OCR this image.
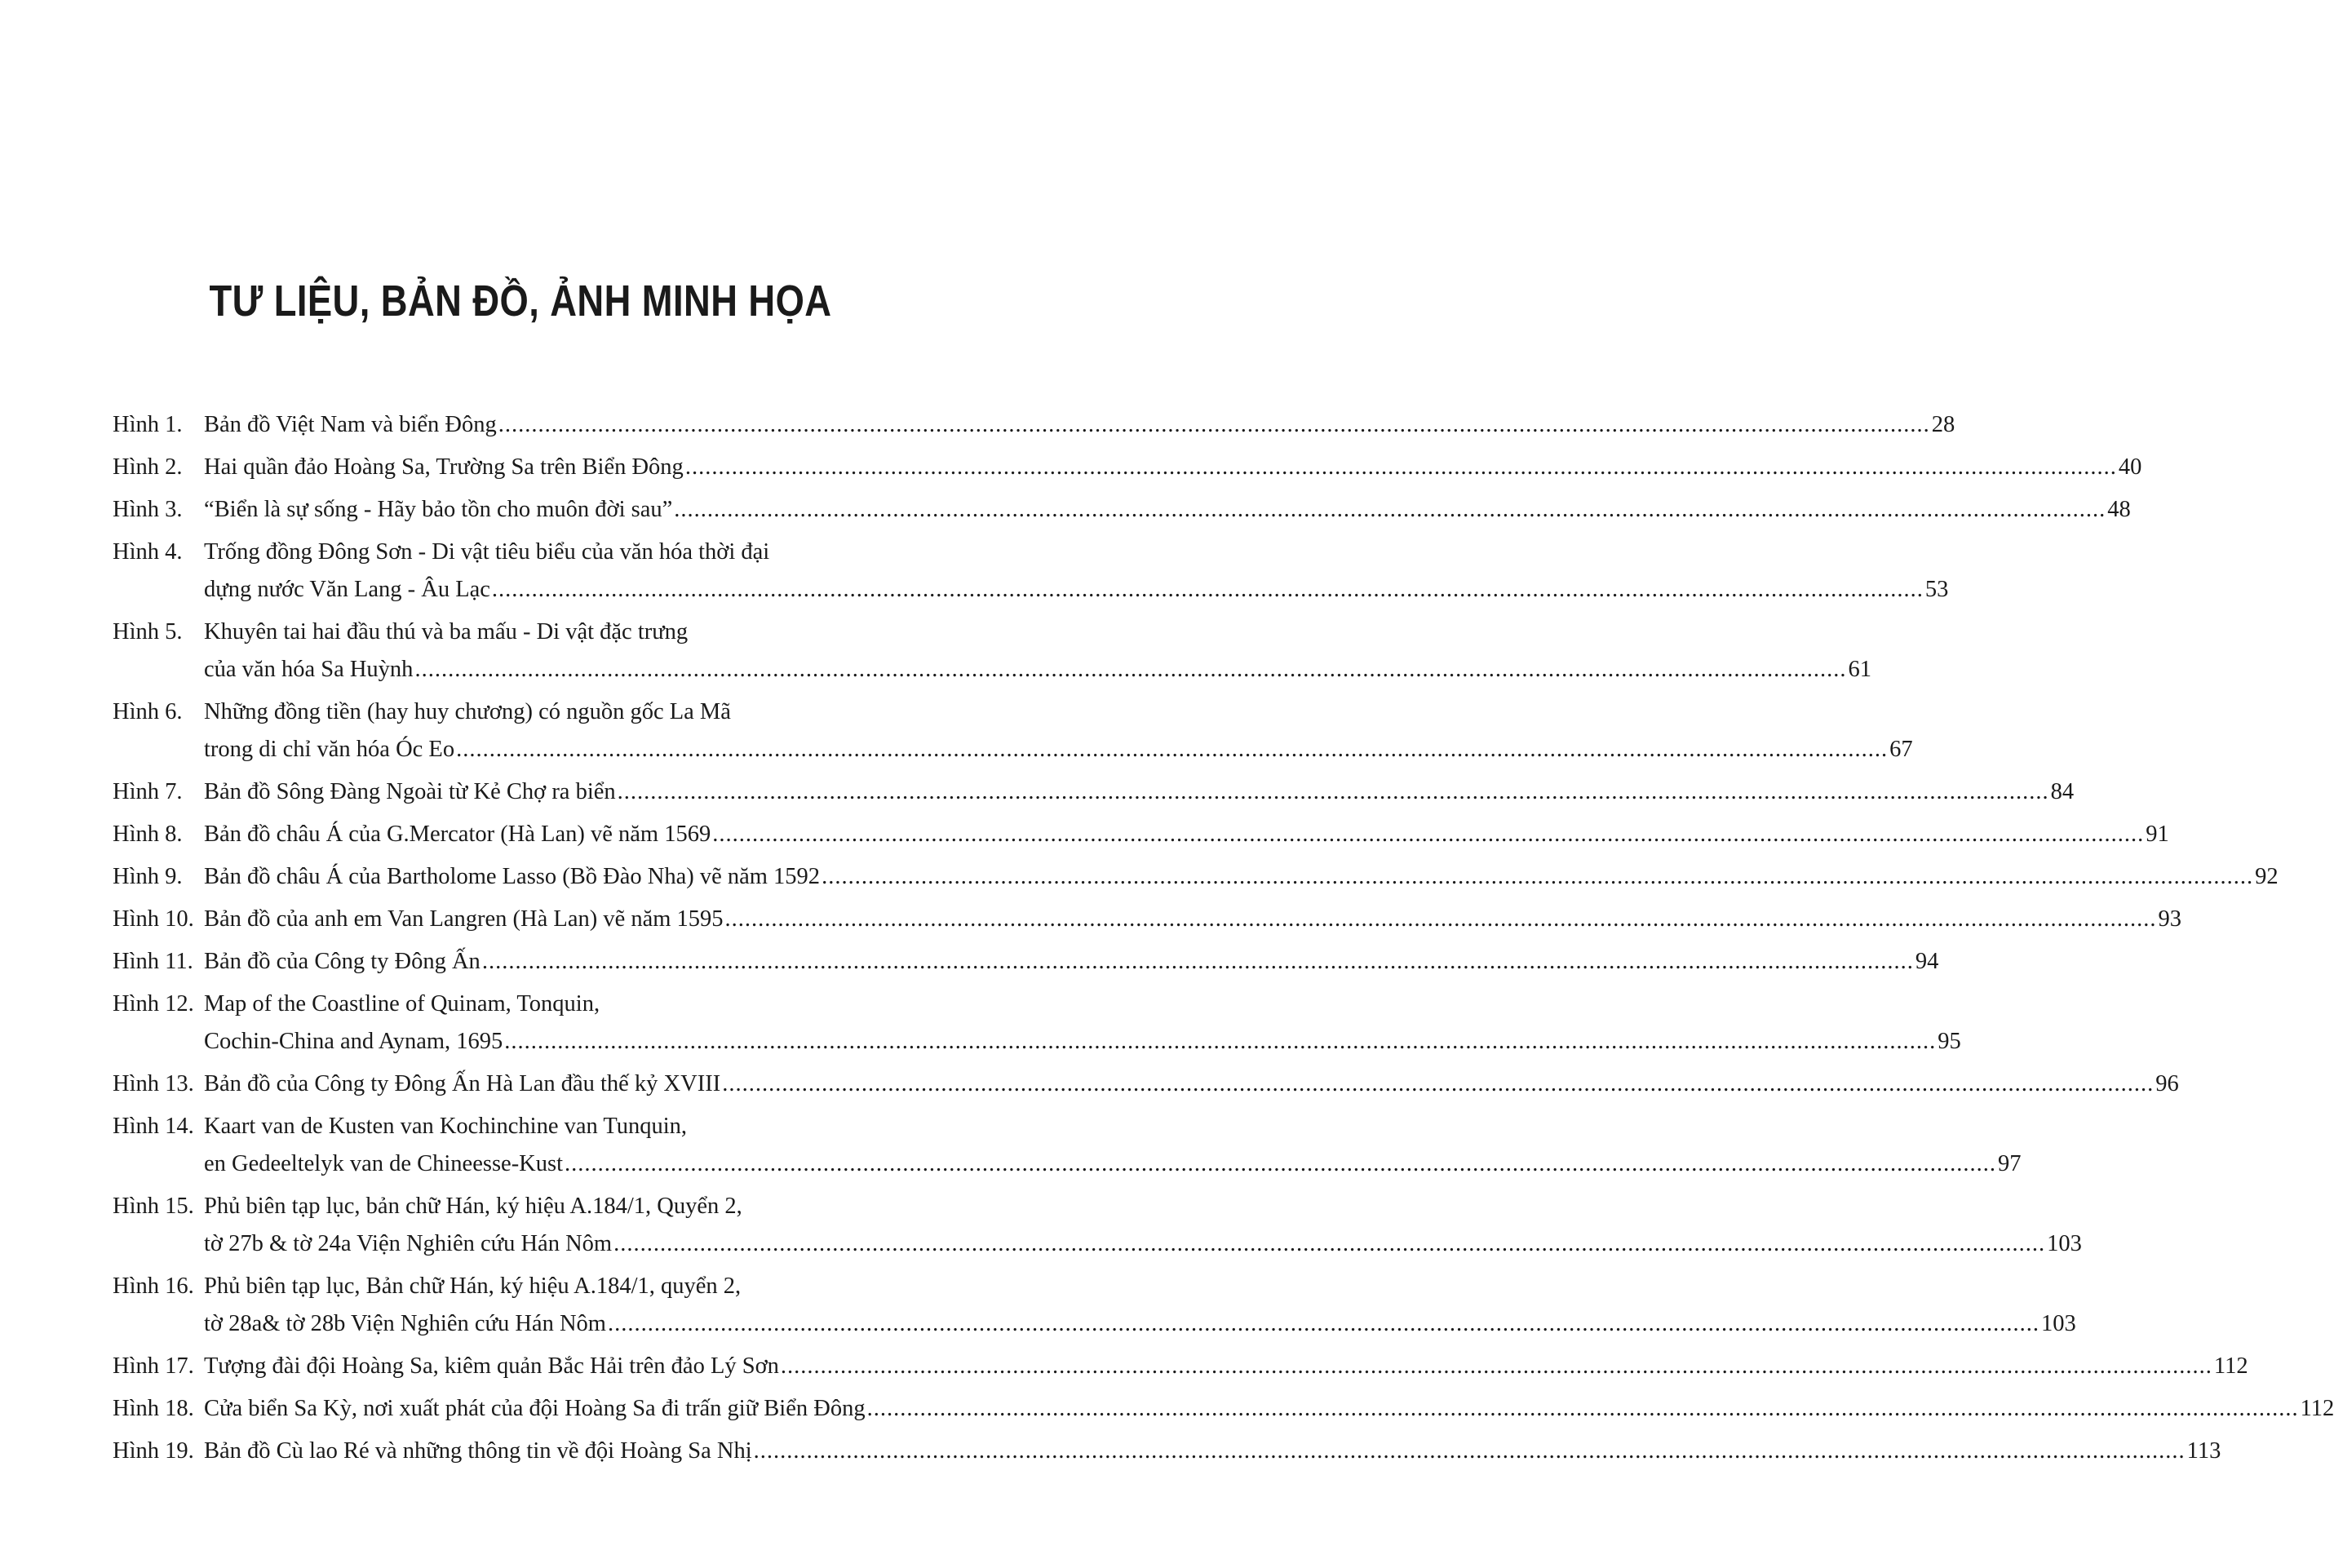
TƯ LIỆU, BẢN ĐỒ, ẢNH MINH HỌA
Hình 1. Bản đồ Việt Nam và biển Đông .....	28
Hình 2. Hai quần đảo Hoàng Sa, Trường Sa trên Biển Đông .....	40
Hình 3. “Biển là sự sống - Hãy bảo tồn cho muôn đời sau” .....	48
Hình 4. Trống đồng Đông Sơn - Di vật tiêu biểu của văn hóa thời đại
dựng nước Văn Lang - Âu Lạc .....	53
Hình 5. Khuyên tai hai đầu thú và ba mấu - Di vật đặc trưng
của văn hóa Sa Huỳnh .....	61
Hình 6. Những đồng tiền (hay huy chương) có nguồn gốc La Mã
trong di chỉ văn hóa Óc Eo .....	67
Hình 7. Bản đồ Sông Đàng Ngoài từ Kẻ Chợ ra biển .....	84
Hình 8. Bản đồ châu Á của G.Mercator (Hà Lan) vẽ năm 1569 .....	91
Hình 9. Bản đồ châu Á của Bartholome Lasso (Bồ Đào Nha) vẽ năm 1592 .....	92
Hình 10. Bản đồ của anh em Van Langren (Hà Lan) vẽ năm 1595 .....	93
Hình 11. Bản đồ của Công ty Đông Ấn .....	94
Hình 12. Map of the Coastline of Quinam, Tonquin,
Cochin-China and Aynam, 1695 .....	95
Hình 13. Bản đồ của Công ty Đông Ấn Hà Lan đầu thế kỷ XVIII .....	96
Hình 14. Kaart van de Kusten van Kochinchine van Tunquin,
en Gedeeltelyk van de Chineesse-Kust .....	97
Hình 15. Phủ biên tạp lục, bản chữ Hán, ký hiệu A.184/1, Quyển 2,
tờ 27b & tờ 24a Viện Nghiên cứu Hán Nôm .....	103
Hình 16. Phủ biên tạp lục, Bản chữ Hán, ký hiệu A.184/1, quyển 2,
tờ 28a& tờ 28b Viện Nghiên cứu Hán Nôm .....	103
Hình 17. Tượng đài đội Hoàng Sa, kiêm quản Bắc Hải trên đảo Lý Sơn .....	112
Hình 18. Cửa biển Sa Kỳ, nơi xuất phát của đội Hoàng Sa đi trấn giữ Biển Đông .....	112
Hình 19. Bản đồ Cù lao Ré và những thông tin về đội Hoàng Sa Nhị .....	113
